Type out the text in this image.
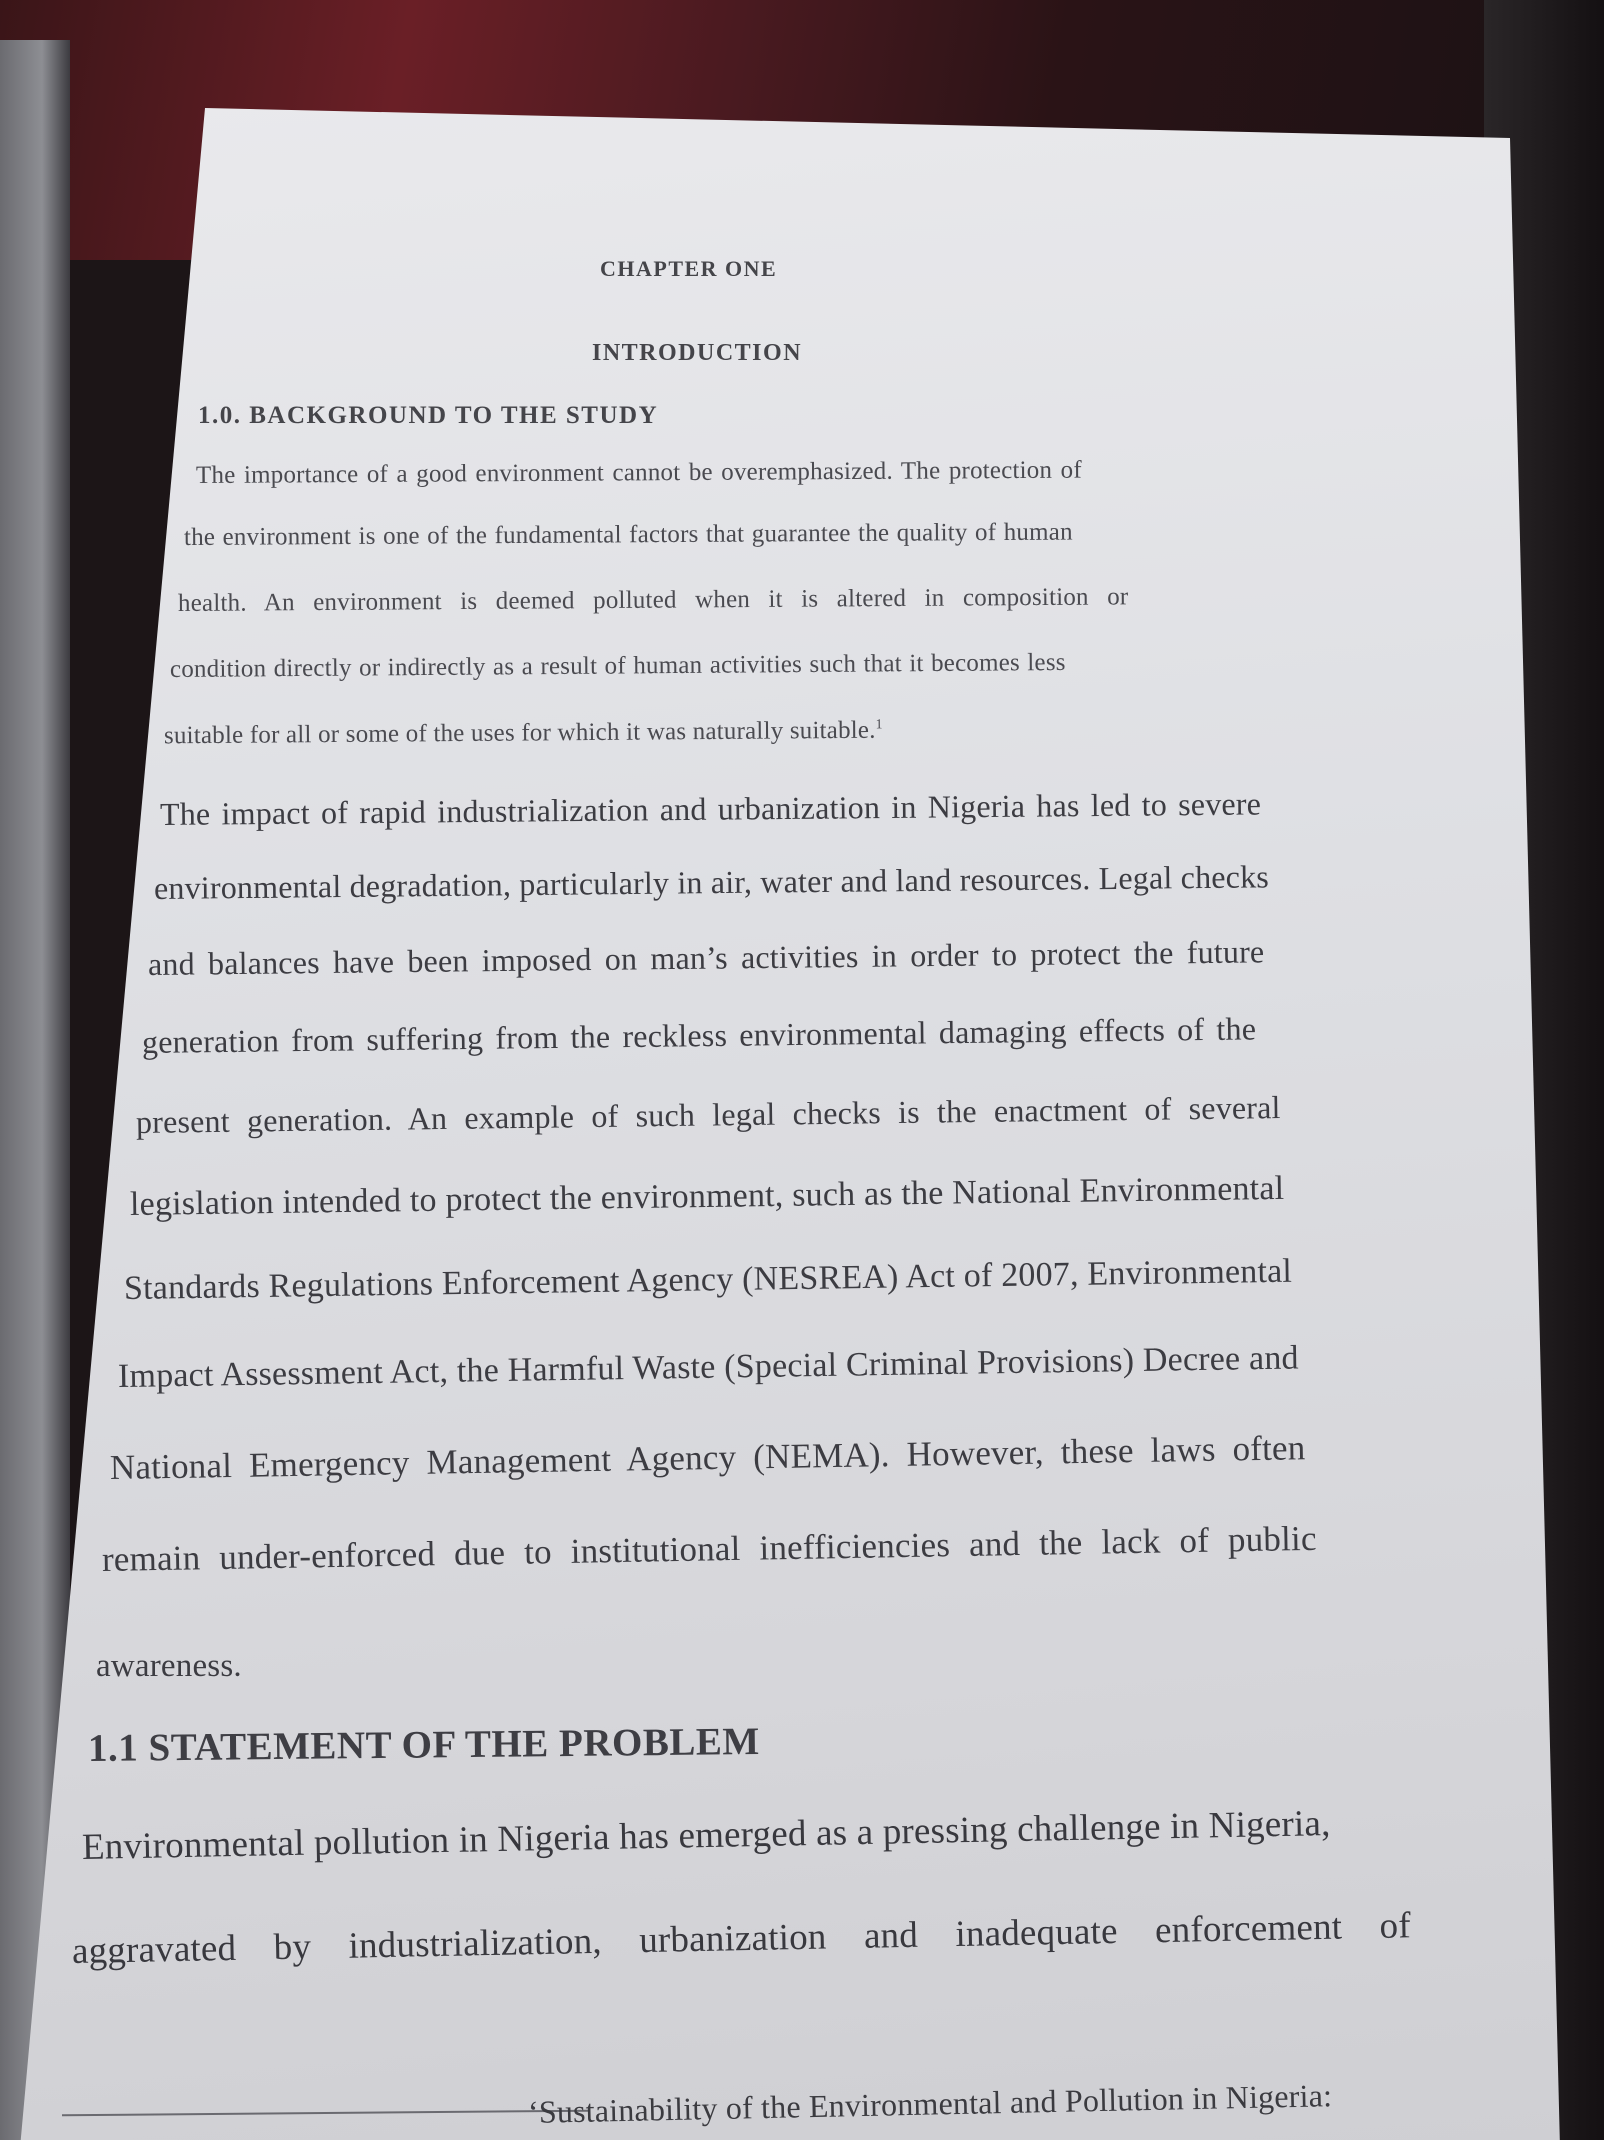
CHAPTER ONE

INTRODUCTION

1.0. BACKGROUND TO THE STUDY

The importance of a good environment cannot be overemphasized. The protection of

the environment is one of the fundamental factors that guarantee the quality of human

health. An environment is deemed polluted when it is altered in composition or

condition directly or indirectly as a result of human activities such that it becomes less

suitable for all or some of the uses for which it was naturally suitable.$^1$

The impact of rapid industrialization and urbanization in Nigeria has led to severe

environmental degradation, particularly in air, water and land resources. Legal checks

and balances have been imposed on man’s activities in order to protect the future

generation from suffering from the reckless environmental damaging effects of the

present generation. An example of such legal checks is the enactment of several

legislation intended to protect the environment, such as the National Environmental

Standards Regulations Enforcement Agency (NESREA) Act of 2007, Environmental

Impact Assessment Act, the Harmful Waste (Special Criminal Provisions) Decree and

National Emergency Management Agency (NEMA). However, these laws often

remain under-enforced due to institutional inefficiencies and the lack of public

awareness.

1.1 STATEMENT OF THE PROBLEM

Environmental pollution in Nigeria has emerged as a pressing challenge in Nigeria,

aggravated by industrialization, urbanization and inadequate enforcement of

‘Sustainability of the Environmental and Pollution in Nigeria:
